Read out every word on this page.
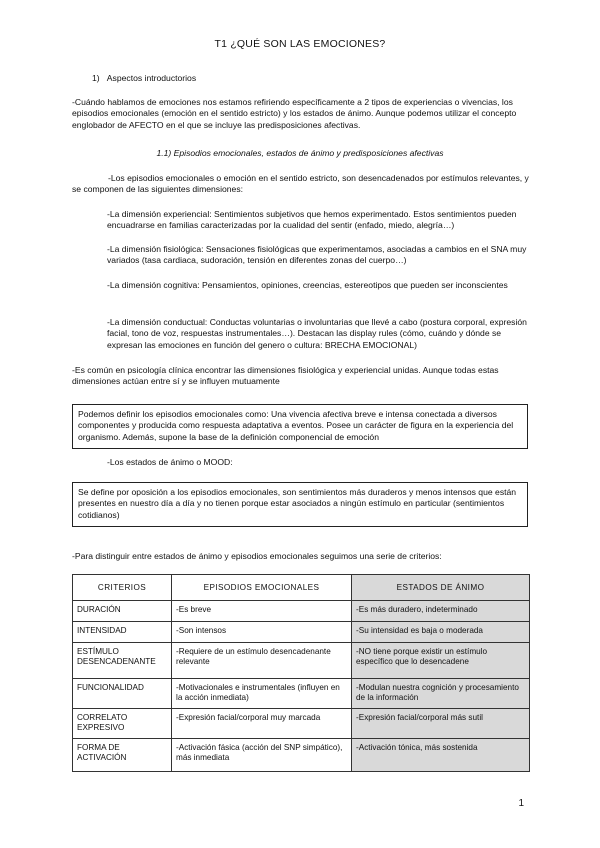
T1 ¿QUÉ SON LAS EMOCIONES?
1)   Aspectos introductorios
-Cuándo hablamos de emociones nos estamos refiriendo específicamente a 2 tipos de experiencias o vivencias, los episodios emocionales (emoción en el sentido estricto) y los estados de ánimo. Aunque podemos utilizar el concepto englobador de AFECTO en el que se incluye las predisposiciones afectivas.
1.1) Episodios emocionales, estados de ánimo y predisposiciones afectivas
-Los episodios emocionales o emoción en el sentido estricto, son desencadenados por estímulos relevantes, y se componen de las siguientes dimensiones:
-La dimensión experiencial: Sentimientos subjetivos que hemos experimentado. Estos sentimientos pueden encuadrarse en familias caracterizadas por la cualidad del sentir (enfado, miedo, alegría…)
-La dimensión fisiológica: Sensaciones fisiológicas que experimentamos, asociadas a cambios en el SNA muy variados (tasa cardiaca, sudoración, tensión en diferentes zonas del cuerpo…)
-La dimensión cognitiva: Pensamientos, opiniones, creencias, estereotipos que pueden ser inconscientes
-La dimensión conductual: Conductas voluntarias o involuntarias que llevé a cabo (postura corporal, expresión facial, tono de voz, respuestas instrumentales…). Destacan las display rules (cómo, cuándo y dónde se expresan las emociones en función del genero o cultura: BRECHA EMOCIONAL)
-Es común en psicología clínica encontrar las dimensiones fisiológica y experiencial unidas. Aunque todas estas dimensiones actúan entre sí y se influyen mutuamente
Podemos definir los episodios emocionales como: Una vivencia afectiva breve e intensa conectada a diversos componentes y producida como respuesta adaptativa a eventos. Posee un carácter de figura en la experiencia del organismo. Además, supone la base de la definición componencial de emoción
-Los estados de ánimo o MOOD:
Se define por oposición a los episodios emocionales, son sentimientos más duraderos y menos intensos que están presentes en nuestro día a día y no tienen porque estar asociados a ningún estímulo en particular (sentimientos cotidianos)
-Para distinguir entre estados de ánimo y episodios emocionales seguimos una serie de criterios:
CRITERIOS	EPISODIOS EMOCIONALES	ESTADOS DE ÁNIMO
DURACIÓN	-Es breve	-Es más duradero, indeterminado
INTENSIDAD	-Son intensos	-Su intensidad es baja o moderada
ESTÍMULO DESENCADENANTE	-Requiere de un estímulo desencadenante relevante	-NO tiene porque existir un estímulo específico que lo desencadene
FUNCIONALIDAD	-Motivacionales e instrumentales (influyen en la acción inmediata)	-Modulan nuestra cognición y procesamiento de la información
CORRELATO EXPRESIVO	-Expresión facial/corporal muy marcada	-Expresión facial/corporal más sutil
FORMA DE ACTIVACIÓN	-Activación fásica (acción del SNP simpático), más inmediata	-Activación tónica, más sostenida
1
